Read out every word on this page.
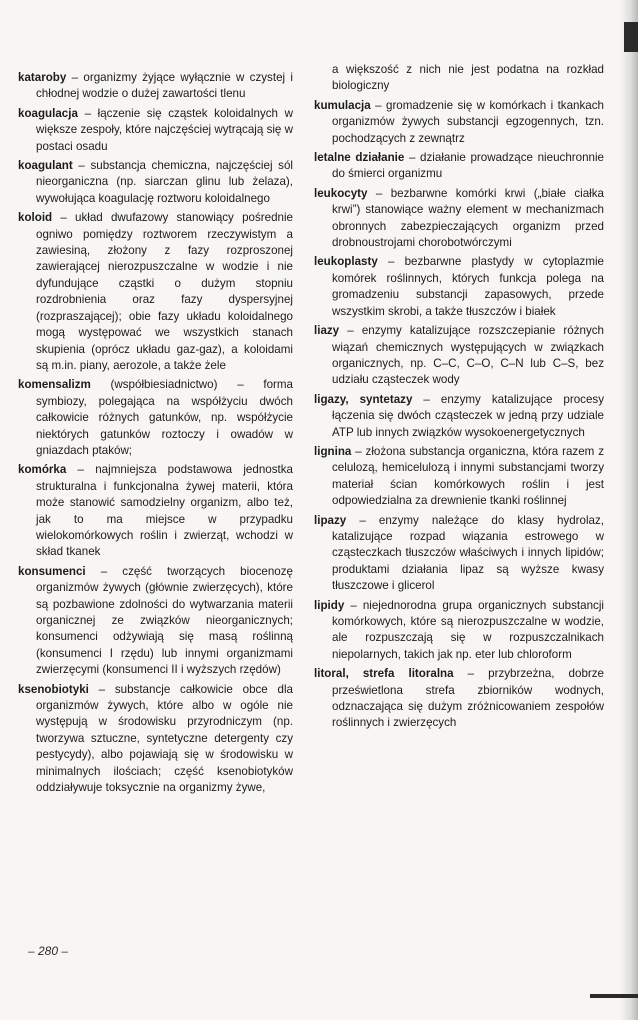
kataroby – organizmy żyjące wyłącznie w czystej i chłodnej wodzie o dużej zawartości tlenu
koagulacja – łączenie się cząstek koloidalnych w większe zespoły, które najczęściej wytrącają się w postaci osadu
koagulant – substancja chemiczna, najczęściej sól nieorganiczna (np. siarczan glinu lub żelaza), wywołująca koagulację roztworu koloidalnego
koloid – układ dwufazowy stanowiący pośrednie ogniwo pomiędzy roztworem rzeczywistym a zawiesiną, złożony z fazy rozproszonej zawierającej nierozpuszczalne w wodzie i nie dyfundujące cząstki o dużym stopniu rozdrobnienia oraz fazy dyspersyjnej (rozpraszającej); obie fazy układu koloidalnego mogą występować we wszystkich stanach skupienia (oprócz układu gaz-gaz), a koloidami są m.in. piany, aerozole, a także żele
komensalizm (współbiesiadnictwo) – forma symbiozy, polegająca na współżyciu dwóch całkowicie różnych gatunków, np. współżycie niektórych gatunków roztoczy i owadów w gniazdach ptaków;
komórka – najmniejsza podstawowa jednostka strukturalna i funkcjonalna żywej materii, która może stanowić samodzielny organizm, albo też, jak to ma miejsce w przypadku wielokomórkowych roślin i zwierząt, wchodzi w skład tkanek
konsumenci – część tworzących biocenozę organizmów żywych (głównie zwierzęcych), które są pozbawione zdolności do wytwarzania materii organicznej ze związków nieorganicznych; konsumenci odżywiają się masą roślinną (konsumenci I rzędu) lub innymi organizmami zwierzęcymi (konsumenci II i wyższych rzędów)
ksenobiotyki – substancje całkowicie obce dla organizmów żywych, które albo w ogóle nie występują w środowisku przyrodniczym (np. tworzywa sztuczne, syntetyczne detergenty czy pestycydy), albo pojawiają się w środowisku w minimalnych ilościach; część ksenobiotyków oddziaływuje toksycznie na organizmy żywe,
a większość z nich nie jest podatna na rozkład biologiczny
kumulacja – gromadzenie się w komórkach i tkankach organizmów żywych substancji egzogennych, tzn. pochodzących z zewnątrz
letalne działanie – działanie prowadzące nieuchronnie do śmierci organizmu
leukocyty – bezbarwne komórki krwi („białe ciałka krwi”) stanowiące ważny element w mechanizmach obronnych zabezpieczających organizm przed drobnoustrojami chorobotwórczymi
leukoplasty – bezbarwne plastydy w cytoplazmie komórek roślinnych, których funkcja polega na gromadzeniu substancji zapasowych, przede wszystkim skrobi, a także tłuszczów i białek
liazy – enzymy katalizujące rozszczepianie różnych wiązań chemicznych występujących w związkach organicznych, np. C–C, C–O, C–N lub C–S, bez udziału cząsteczek wody
ligazy, syntetazy – enzymy katalizujące procesy łączenia się dwóch cząsteczek w jedną przy udziale ATP lub innych związków wysokoenergetycznych
lignina – złożona substancja organiczna, która razem z celulozą, hemicelulozą i innymi substancjami tworzy materiał ścian komórkowych roślin i jest odpowiedzialna za drewnienie tkanki roślinnej
lipazy – enzymy należące do klasy hydrolaz, katalizujące rozpad wiązania estrowego w cząsteczkach tłuszczów właściwych i innych lipidów; produktami działania lipaz są wyższe kwasy tłuszczowe i glicerol
lipidy – niejednorodna grupa organicznych substancji komórkowych, które są nierozpuszczalne w wodzie, ale rozpuszczają się w rozpuszczalnikach niepolarnych, takich jak np. eter lub chloroform
litoral, strefa litoralna – przybrzeżna, dobrze prześwietlona strefa zbiorników wodnych, odznaczająca się dużym zróżnicowaniem zespołów roślinnych i zwierzęcych
– 280 –
